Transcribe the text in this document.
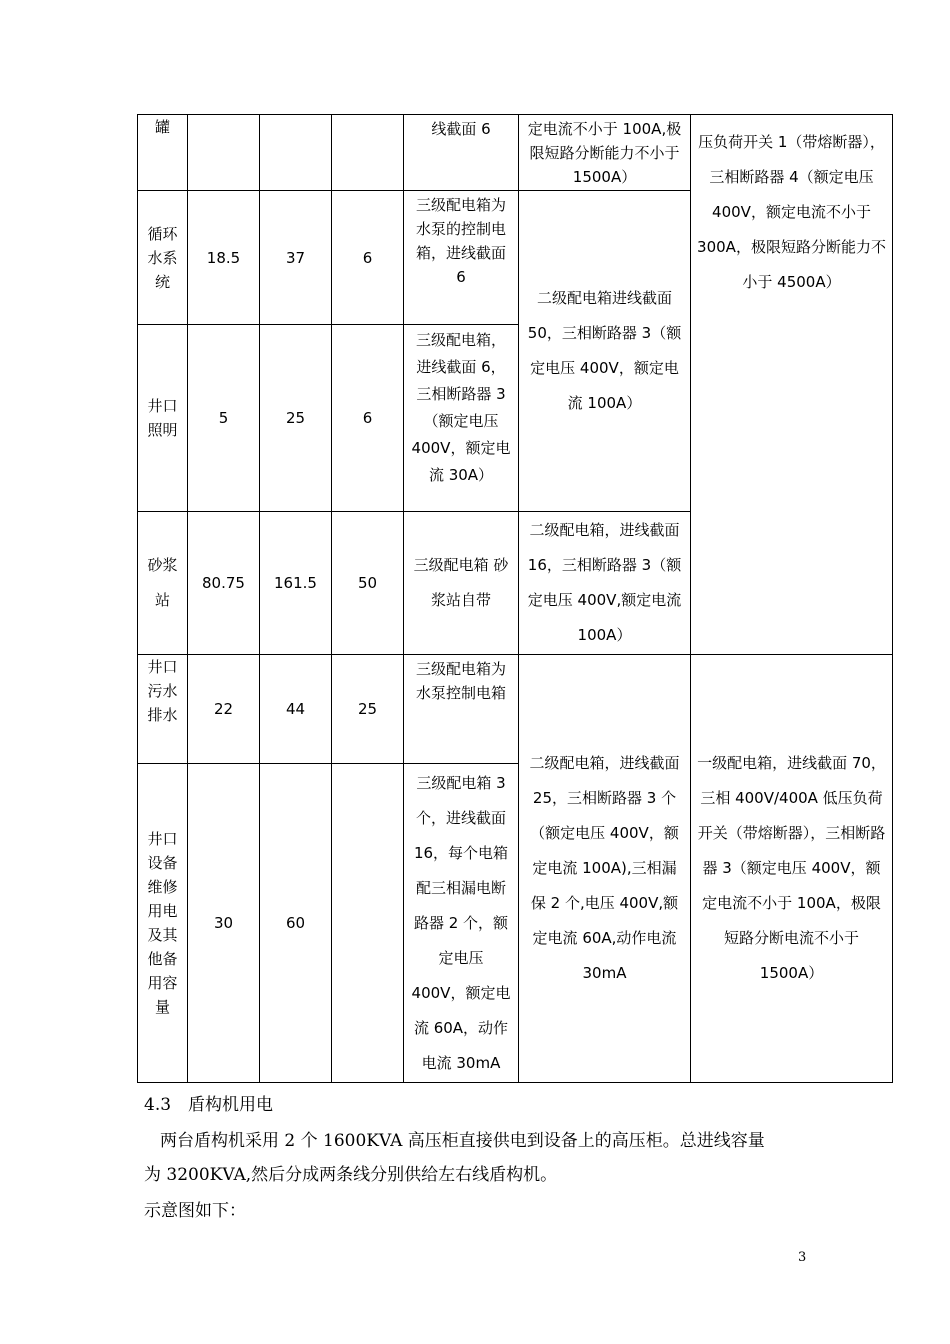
罐				线截面 6	定电流不小于 100A,极限短路分断能力不小于 1500A）	压负荷开关 1（带熔断器），三相断路器 4（额定电压 400V，额定电流不小于 300A，极限短路分断能力不小于 4500A）
循环水系统	18.5	37	6	三级配电箱为水泵的控制电箱，进线截面 6	二级配电箱进线截面 50，三相断路器 3（额定电压 400V，额定电流 100A）	
井口照明	5	25	6	三级配电箱，进线截面 6，三相断路器 3（额定电压 400V，额定电流 30A）		
砂浆站	80.75	161.5	50	三级配电箱 砂浆站自带	二级配电箱，进线截面 16，三相断路器 3（额定电压 400V,额定电流 100A）	
井口污水排水	22	44	25	三级配电箱为水泵控制电箱	二级配电箱，进线截面 25，三相断路器 3 个（额定电压 400V，额定电流 100A),三相漏保 2 个,电压 400V,额定电流 60A,动作电流 30mA	一级配电箱，进线截面 70，三相 400V/400A 低压负荷开关（带熔断器），三相断路器 3（额定电压 400V，额定电流不小于 100A，极限短路分断电流不小于 1500A）
井口设备维修用电及其他备用容量	30	60		三级配电箱 3 个，进线截面 16，每个电箱配三相漏电断路器 2 个，额定电压 400V，额定电流 60A，动作电流 30mA		
4.3　盾构机用电
两台盾构机采用 2 个 1600KVA 高压柜直接供电到设备上的高压柜。总进线容量
为 3200KVA,然后分成两条线分别供给左右线盾构机。
示意图如下：
3
